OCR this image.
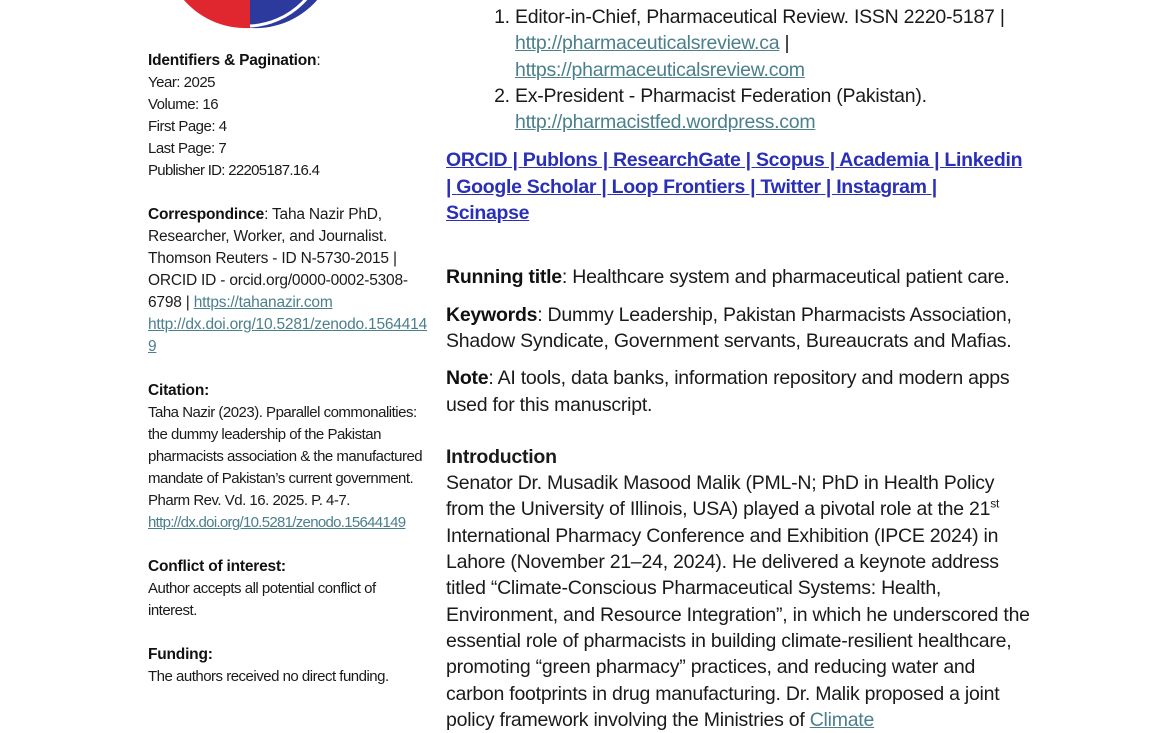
Identifiers & Pagination:
Year: 2025
Volume: 16
First Page: 4
Last Page: 7
Publisher ID: 22205187.16.4
Correspondince: Taha Nazir PhD, Researcher, Worker, and Journalist. Thomson Reuters - ID N-5730-2015 | ORCID ID - orcid.org/0000-0002-5308-6798 | https://tahanazir.com
http://dx.doi.org/10.5281/zenodo.15644149
Citation:
Taha Nazir (2023). Pparallel commonalities: the dummy leadership of the Pakistan pharmacists association & the manufactured mandate of Pakistan’s current government. Pharm Rev. Vd. 16. 2025. P. 4-7.
http://dx.doi.org/10.5281/zenodo.15644149
Conflict of interest:
Author accepts all potential conflict of interest.
Funding:
The authors received no direct funding.
1. Editor-in-Chief, Pharmaceutical Review. ISSN 2220-5187 |
http://pharmaceuticalsreview.ca |
https://pharmaceuticalsreview.com
2. Ex-President - Pharmacist Federation (Pakistan).
http://pharmacistfed.wordpress.com
ORCID | Publons | ResearchGate | Scopus | Academia | Linkedin
| Google Scholar | Loop Frontiers | Twitter | Instagram |
Scinapse

Running title: Healthcare system and pharmaceutical patient care.

Keywords: Dummy Leadership, Pakistan Pharmacists Association, Shadow Syndicate, Government servants, Bureaucrats and Mafias.

Note: AI tools, data banks, information repository and modern apps used for this manuscript.

Introduction

Senator Dr. Musadik Masood Malik (PML-N; PhD in Health Policy from the University of Illinois, USA) played a pivotal role at the 21st International Pharmacy Conference and Exhibition (IPCE 2024) in Lahore (November 21–24, 2024). He delivered a keynote address titled “Climate-Conscious Pharmaceutical Systems: Health, Environment, and Resource Integration”, in which he underscored the essential role of pharmacists in building climate-resilient healthcare, promoting “green pharmacy” practices, and reducing water and carbon footprints in drug manufacturing. Dr. Malik proposed a joint policy framework involving the Ministries of Climate
